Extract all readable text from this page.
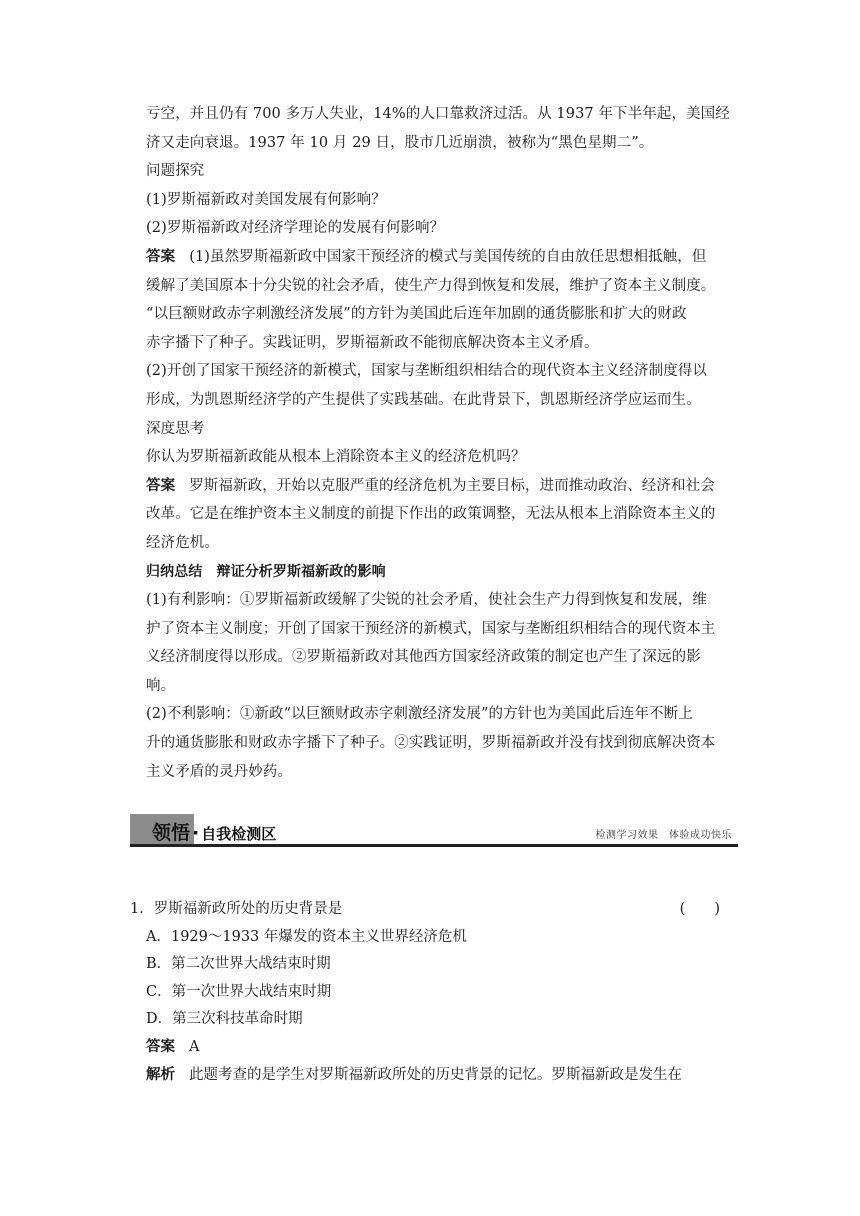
亏空，并且仍有 700 多万人失业，14%的人口靠救济过活。从 1937 年下半年起，美国经
济又走向衰退。1937 年 10 月 29 日，股市几近崩溃，被称为“黑色星期二”。
问题探究
(1)罗斯福新政对美国发展有何影响？
(2)罗斯福新政对经济学理论的发展有何影响？
答案 (1)虽然罗斯福新政中国家干预经济的模式与美国传统的自由放任思想相抵触，但
缓解了美国原本十分尖锐的社会矛盾，使生产力得到恢复和发展，维护了资本主义制度。
“以巨额财政赤字刺激经济发展”的方针为美国此后连年加剧的通货膨胀和扩大的财政
赤字播下了种子。实践证明，罗斯福新政不能彻底解决资本主义矛盾。
(2)开创了国家干预经济的新模式，国家与垄断组织相结合的现代资本主义经济制度得以
形成，为凯恩斯经济学的产生提供了实践基础。在此背景下，凯恩斯经济学应运而生。
深度思考
你认为罗斯福新政能从根本上消除资本主义的经济危机吗？
答案 罗斯福新政，开始以克服严重的经济危机为主要目标，进而推动政治、经济和社会
改革。它是在维护资本主义制度的前提下作出的政策调整，无法从根本上消除资本主义的
经济危机。
归纳总结　辩证分析罗斯福新政的影响
(1)有利影响：①罗斯福新政缓解了尖锐的社会矛盾，使社会生产力得到恢复和发展，维
护了资本主义制度；开创了国家干预经济的新模式，国家与垄断组织相结合的现代资本主
义经济制度得以形成。②罗斯福新政对其他西方国家经济政策的制定也产生了深远的影
响。
(2)不利影响：①新政“以巨额财政赤字刺激经济发展”的方针也为美国此后连年不断上
升的通货膨胀和财政赤字播下了种子。②实践证明，罗斯福新政并没有找到彻底解决资本
主义矛盾的灵丹妙药。
领悟 · 自我检测区	检测学习效果　体验成功快乐
1．罗斯福新政所处的历史背景是	(　　)
A．1929～1933 年爆发的资本主义世界经济危机
B．第二次世界大战结束时期
C．第一次世界大战结束时期
D．第三次科技革命时期
答案 A
解析 此题考查的是学生对罗斯福新政所处的历史背景的记忆。罗斯福新政是发生在
